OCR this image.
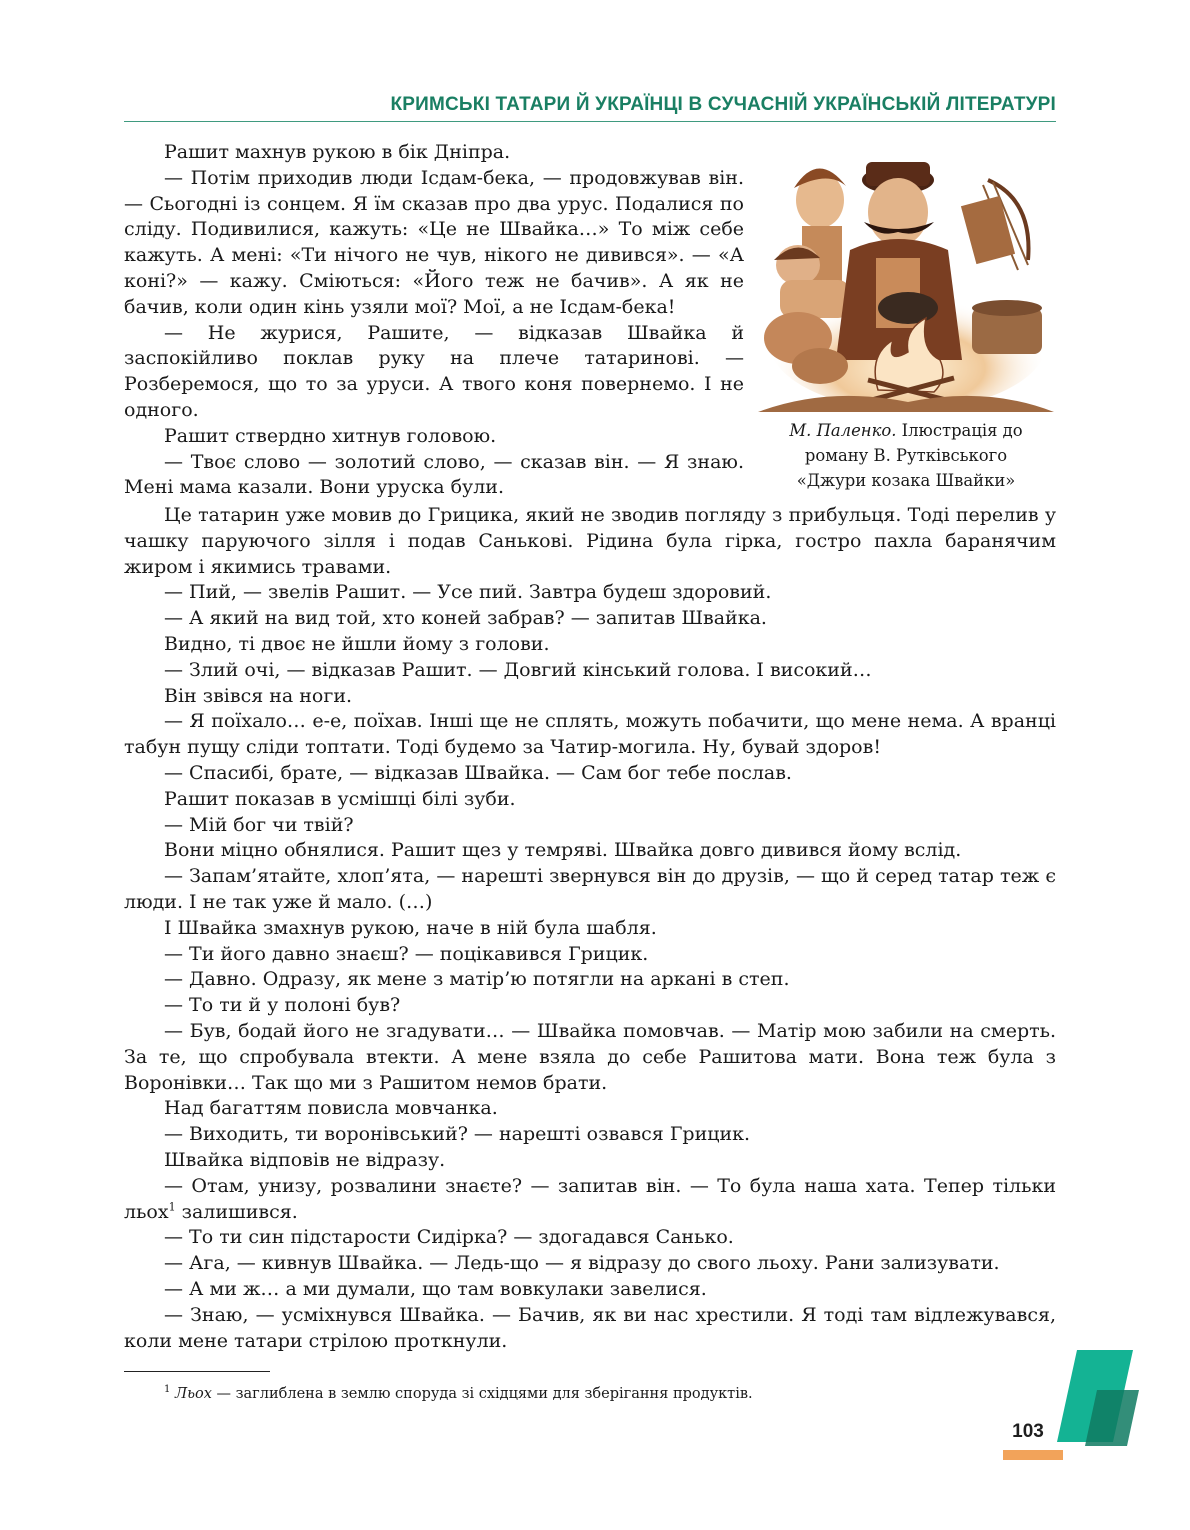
КРИМСЬКІ ТАТАРИ Й УКРАЇНЦІ В СУЧАСНІЙ УКРАЇНСЬКІЙ ЛІТЕРАТУРІ

Рашит махнув рукою в бік Дніпра.

— Потім приходив люди Ісдам-бека, — продовжував він. — Сьогодні із сонцем. Я їм сказав про два урус. Подалися по сліду. Подивилися, кажуть: «Це не Швайка…» То між себе кажуть. А мені: «Ти нічого не чув, нікого не дивився». — «А коні?» — кажу. Сміються: «Його теж не бачив». А як не бачив, коли один кінь узяли мої? Мої, а не Ісдам-бека!

— Не журися, Рашите, — відказав Швайка й заспокійливо поклав руку на плече татаринові. — Розберемося, що то за уруси. А твого коня повернемо. І не одного.

Рашит ствердно хитнув головою.

— Твоє слово — золотий слово, — сказав він. — Я знаю. Мені мама казали. Вони уруска були.

М. Паленко. Ілюстрація до
роману В. Рутківського
«Джури козака Швайки»

Це татарин уже мовив до Грицика, який не зводив погляду з прибульця. Тоді перелив у чашку паруючого зілля і подав Санькові. Рідина була гірка, гостро пахла баранячим жиром і якимись травами.

— Пий, — звелів Рашит. — Усе пий. Завтра будеш здоровий.

— А який на вид той, хто коней забрав? — запитав Швайка.

Видно, ті двоє не йшли йому з голови.

— Злий очі, — відказав Рашит. — Довгий кінський голова. І високий…

Він звівся на ноги.

— Я поїхало… е-е, поїхав. Інші ще не сплять, можуть побачити, що мене нема. А вранці табун пущу сліди топтати. Тоді будемо за Чатир-могила. Ну, бувай здоров!

— Спасибі, брате, — відказав Швайка. — Сам бог тебе послав.

Рашит показав в усмішці білі зуби.

— Мій бог чи твій?

Вони міцно обнялися. Рашит щез у темряві. Швайка довго дивився йому вслід.

— Запам’ятайте, хлоп’ята, — нарешті звернувся він до друзів, — що й серед татар теж є люди. І не так уже й мало. (…)

І Швайка змахнув рукою, наче в ній була шабля.

— Ти його давно знаєш? — поцікавився Грицик.

— Давно. Одразу, як мене з матір’ю потягли на аркані в степ.

— То ти й у полоні був?

— Був, бодай його не згадувати… — Швайка помовчав. — Матір мою забили на смерть. За те, що спробувала втекти. А мене взяла до себе Рашитова мати. Вона теж була з Воронівки… Так що ми з Рашитом немов брати.

Над багаттям повисла мовчанка.

— Виходить, ти воронівський? — нарешті озвався Грицик.

Швайка відповів не відразу.

— Отам, унизу, розвалини знаєте? — запитав він. — То була наша хата. Тепер тільки льох$^1$ залишився.

— То ти син підстарости Сидірка? — здогадався Санько.

— Ага, — кивнув Швайка. — Ледь-що — я відразу до свого льоху. Рани зализувати.

— А ми ж… а ми думали, що там вовкулаки завелися.

— Знаю, — усміхнувся Швайка. — Бачив, як ви нас хрестили. Я тоді там відлежувався, коли мене татари стрілою проткнули.

$^1$ Льох — заглиблена в землю споруда зі східцями для зберігання продуктів.
103
